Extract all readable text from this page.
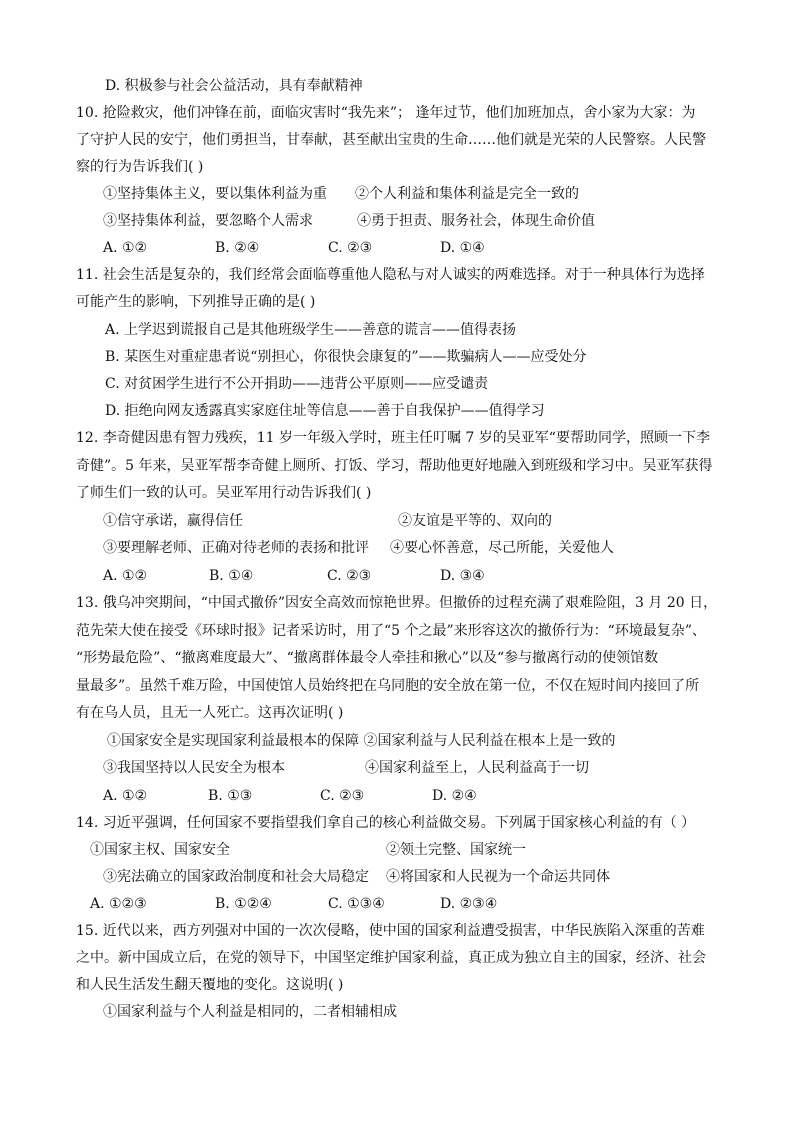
D. 积极参与社会公益活动，具有奉献精神
10. 抢险救灾，他们冲锋在前，面临灾害时“我先来”； 逢年过节，他们加班加点，舍小家为大家：为
了守护人民的安宁，他们勇担当，甘奉献，甚至献出宝贵的生命……他们就是光荣的人民警察。人民警
察的行为告诉我们( )
①坚持集体主义，要以集体利益为重 ②个人利益和集体利益是完全一致的
③坚持集体利益，要忽略个人需求	④勇于担责、服务社会，体现生命价值
A. ①②	B. ②④	C. ②③	D. ①④
11. 社会生活是复杂的，我们经常会面临尊重他人隐私与对人诚实的两难选择。对于一种具体行为选择
可能产生的影响，下列推导正确的是( )
A. 上学迟到谎报自己是其他班级学生——善意的谎言——值得表扬
B. 某医生对重症患者说“别担心，你很快会康复的”——欺骗病人——应受处分
C. 对贫困学生进行不公开捐助——违背公平原则——应受谴责
D. 拒绝向网友透露真实家庭住址等信息——善于自我保护——值得学习
12. 李奇健因患有智力残疾，11 岁一年级入学时，班主任叮嘱 7 岁的吴亚军“要帮助同学，照顾一下李
奇健”。5 年来，吴亚军帮李奇健上厕所、打饭、学习，帮助他更好地融入到班级和学习中。吴亚军获得
了师生们一致的认可。吴亚军用行动告诉我们( )
①信守承诺，赢得信任	②友谊是平等的、双向的
③要理解老师、正确对待老师的表扬和批评 ④要心怀善意，尽己所能，关爱他人
A. ①②	B. ①④	C. ②③	D. ③④
13. 俄乌冲突期间，“中国式撤侨”因安全高效而惊艳世界。但撤侨的过程充满了艰难险阻，3 月 20 日，
范先荣大使在接受《环球时报》记者采访时，用了“5 个之最”来形容这次的撤侨行为：“环境最复杂”、
“形势最危险”、“撤离难度最大”、“撤离群体最令人牵挂和揪心”以及“参与撤离行动的使领馆数
量最多”。虽然千难万险，中国使馆人员始终把在乌同胞的安全放在第一位，不仅在短时间内接回了所
有在乌人员，且无一人死亡。这再次证明( )
①国家安全是实现国家利益最根本的保障 ②国家利益与人民利益在根本上是一致的
③我国坚持以人民安全为根本	④国家利益至上，人民利益高于一切
A. ①②	B. ①③	C. ②③	D. ②④
14. 习近平强调，任何国家不要指望我们拿自己的核心利益做交易。下列属于国家核心利益的有（ ）
①国家主权、国家安全	②领土完整、国家统一
③宪法确立的国家政治制度和社会大局稳定 ④将国家和人民视为一个命运共同体
A. ①②③	B. ①②④	C. ①③④	D. ②③④
15. 近代以来，西方列强对中国的一次次侵略，使中国的国家利益遭受损害，中华民族陷入深重的苦难
之中。新中国成立后，在党的领导下，中国坚定维护国家利益，真正成为独立自主的国家，经济、社会
和人民生活发生翻天覆地的变化。这说明( )
①国家利益与个人利益是相同的，二者相辅相成
